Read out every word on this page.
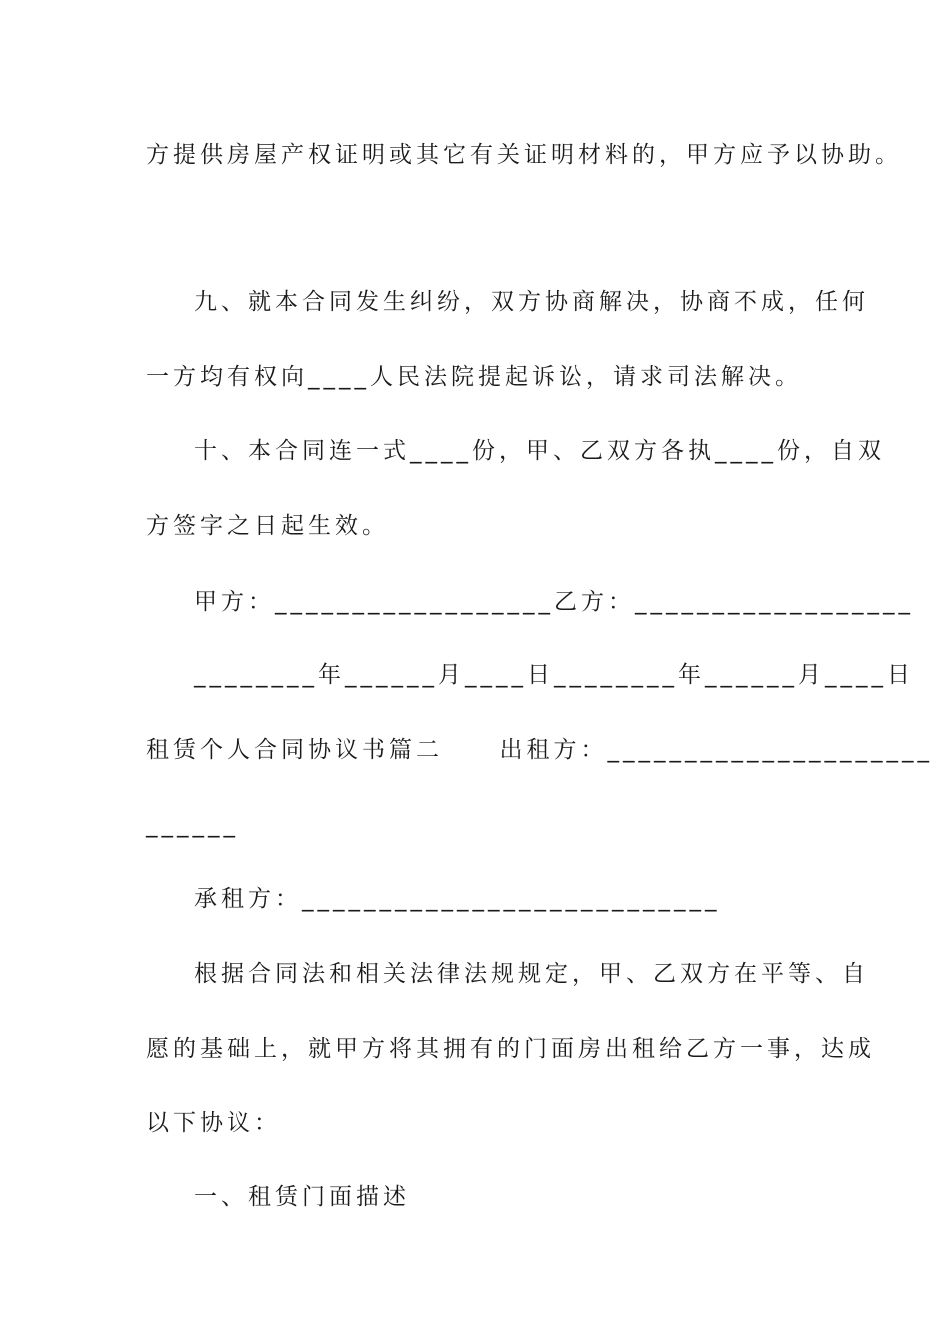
方提供房屋产权证明或其它有关证明材料的，甲方应予以协助。
九、就本合同发生纠纷，双方协商解决，协商不成，任何
一方均有权向____人民法院提起诉讼，请求司法解决。
十、本合同连一式____份，甲、乙双方各执____份，自双
方签字之日起生效。
甲方：__________________乙方：__________________
________年______月____日________年______月____日
租赁个人合同协议书篇二     出租方：_____________________
______
承租方：___________________________
根据合同法和相关法律法规规定，甲、乙双方在平等、自
愿的基础上，就甲方将其拥有的门面房出租给乙方一事，达成
以下协议：
一、租赁门面描述
